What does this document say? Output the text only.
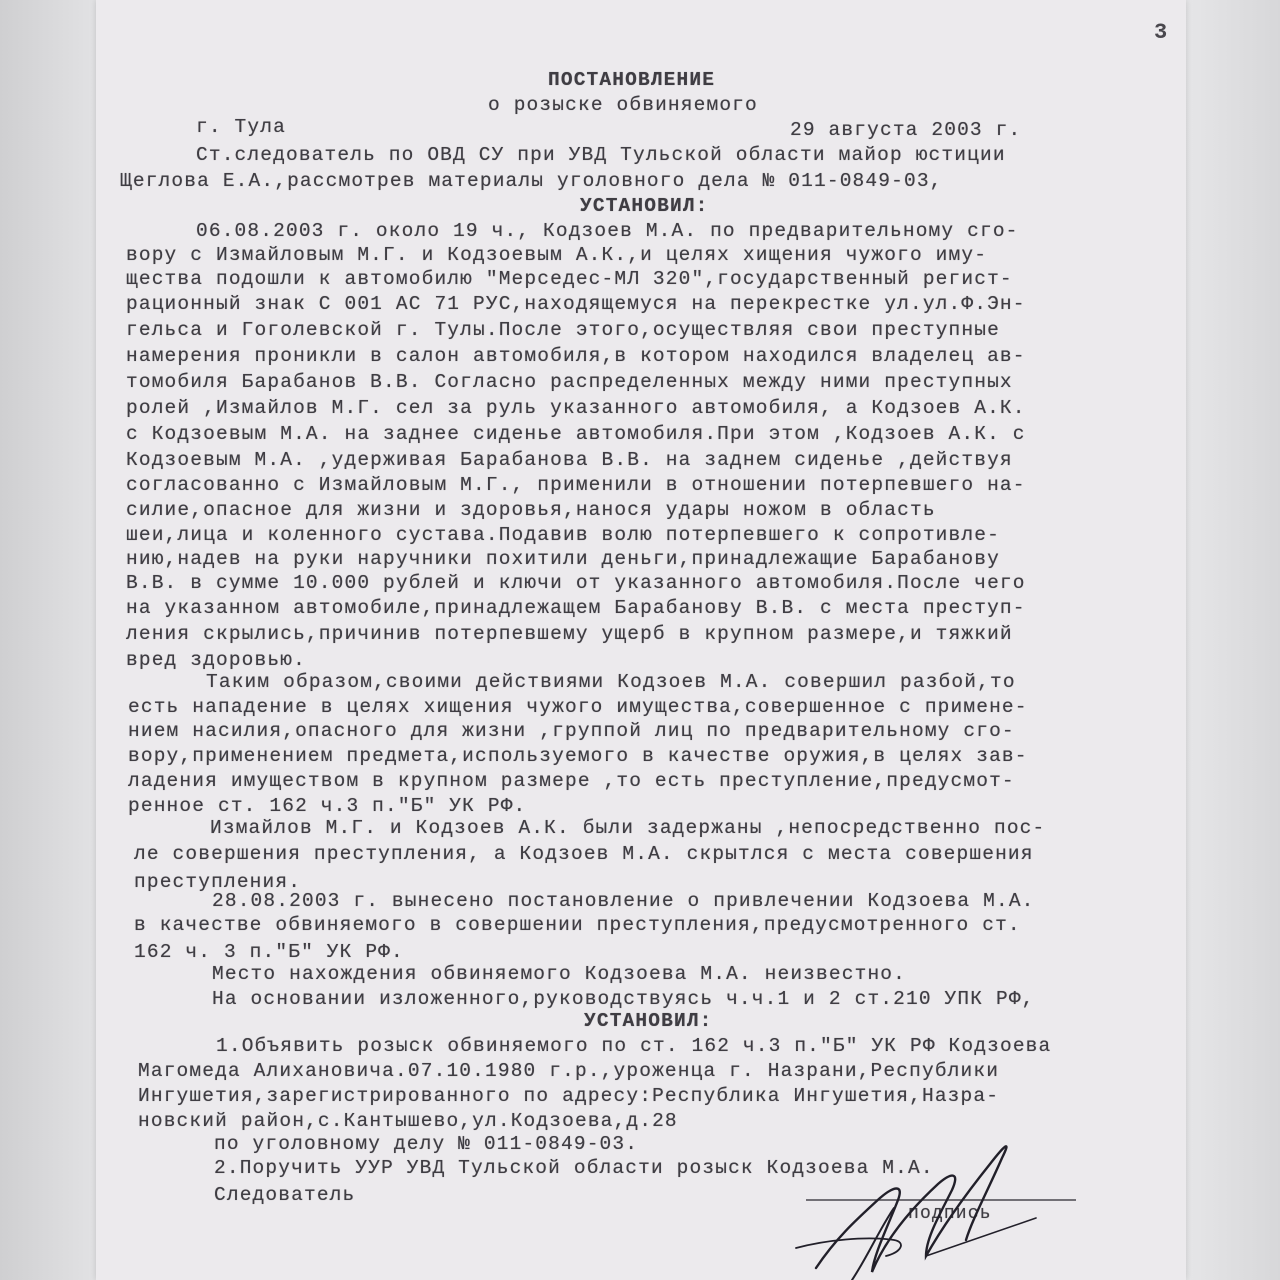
3
ПОСТАНОВЛЕНИЕ
о розыске обвиняемого
г. Тула	29 августа 2003 г.
Ст.следователь по ОВД СУ при УВД Тульской области майор юстиции
Щеглова Е.А.,рассмотрев материалы уголовного дела № 011-0849-03,
УСТАНОВИЛ:
06.08.2003 г. около 19 ч., Кодзоев М.А. по предварительному сго-
вору с Измайловым М.Г. и Кодзоевым А.К.,и целях хищения чужого иму-
щества подошли к автомобилю "Мерседес-МЛ 320",государственный регист-
рационный знак С 001 АС 71 РУС,находящемуся на перекрестке ул.ул.Ф.Эн-
гельса и Гоголевской г. Тулы.После этого,осуществляя свои преступные
намерения проникли в салон автомобиля,в котором находился владелец ав-
томобиля Барабанов В.В. Согласно распределенных между ними преступных
ролей ,Измайлов М.Г. сел за руль указанного автомобиля, а Кодзоев А.К.
с Кодзоевым М.А. на заднее сиденье автомобиля.При этом ,Кодзоев А.К. с
Кодзоевым М.А. ,удерживая Барабанова В.В. на заднем сиденье ,действуя
согласованно с Измайловым М.Г., применили в отношении потерпевшего на-
силие,опасное для жизни и здоровья,нанося удары ножом в область
шеи,лица и коленного сустава.Подавив волю потерпевшего к сопротивле-
нию,надев на руки наручники похитили деньги,принадлежащие Барабанову
В.В. в сумме 10.000 рублей и ключи от указанного автомобиля.После чего
на указанном автомобиле,принадлежащем Барабанову В.В. с места преступ-
ления скрылись,причинив потерпевшему ущерб в крупном размере,и тяжкий
вред здоровью.
Таким образом,своими действиями Кодзоев М.А. совершил разбой,то
есть нападение в целях хищения чужого имущества,совершенное с примене-
нием насилия,опасного для жизни ,группой лиц по предварительному сго-
вору,применением предмета,используемого в качестве оружия,в целях зав-
ладения имуществом в крупном размере ,то есть преступление,предусмот-
ренное ст. 162 ч.3 п."Б" УК РФ.
Измайлов М.Г. и Кодзоев А.К. были задержаны ,непосредственно пос-
ле совершения преступления, а Кодзоев М.А. скрытлся с места совершения
преступления.
28.08.2003 г. вынесено постановление о привлечении Кодзоева М.А.
в качестве обвиняемого в совершении преступления,предусмотренного ст.
162 ч. 3 п."Б" УК РФ.
Место нахождения обвиняемого Кодзоева М.А. неизвестно.
На основании изложенного,руководствуясь ч.ч.1 и 2 ст.210 УПК РФ,
УСТАНОВИЛ:
1.Объявить розыск обвиняемого по ст. 162 ч.3 п."Б" УК РФ Кодзоева
Магомеда Алихановича.07.10.1980 г.р.,уроженца г. Назрани,Республики
Ингушетия,зарегистрированного по адресу:Республика Ингушетия,Назра-
новский район,с.Кантышево,ул.Кодзоева,д.28
по уголовному делу № 011-0849-03.
2.Поручить УУР УВД Тульской области розыск Кодзоева М.А.
Следователь
подпись
